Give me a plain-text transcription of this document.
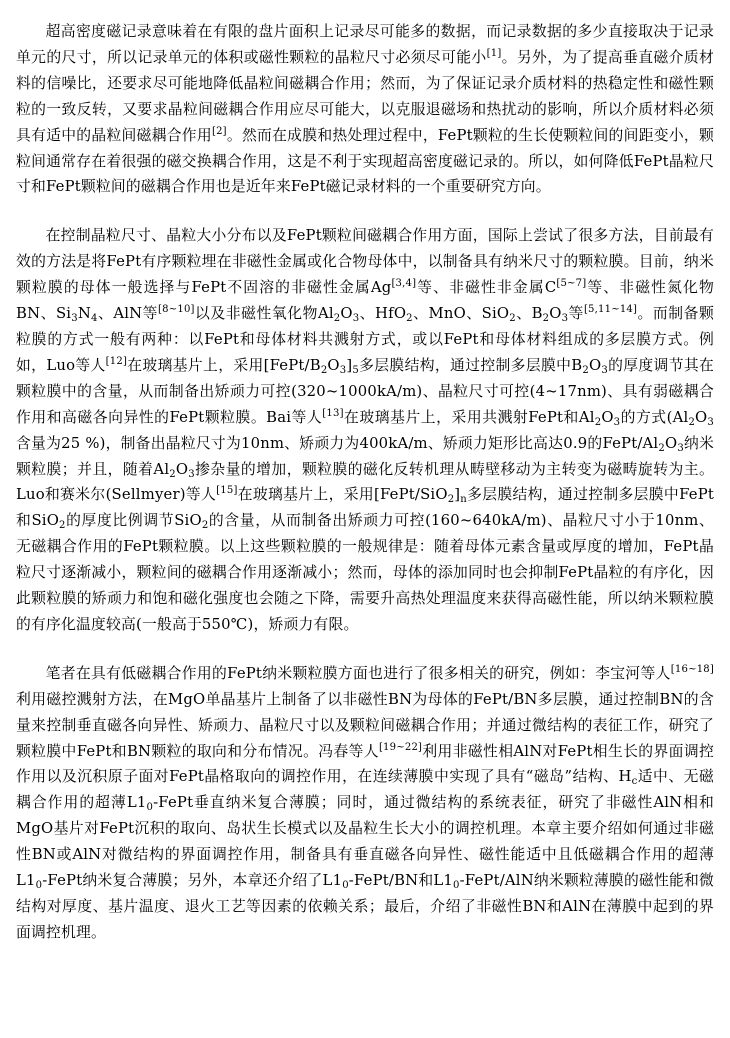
超高密度磁记录意味着在有限的盘片面积上记录尽可能多的数据，而记录数据的多少直接取决于记录单元的尺寸，所以记录单元的体积或磁性颗粒的晶粒尺寸必须尽可能小[1]。另外，为了提高垂直磁介质材料的信噪比，还要求尽可能地降低晶粒间磁耦合作用；然而，为了保证记录介质材料的热稳定性和磁性颗粒的一致反转，又要求晶粒间磁耦合作用应尽可能大，以克服退磁场和热扰动的影响，所以介质材料必须具有适中的晶粒间磁耦合作用[2]。然而在成膜和热处理过程中，FePt颗粒的生长使颗粒间的间距变小，颗粒间通常存在着很强的磁交换耦合作用，这是不利于实现超高密度磁记录的。所以，如何降低FePt晶粒尺寸和FePt颗粒间的磁耦合作用也是近年来FePt磁记录材料的一个重要研究方向。

在控制晶粒尺寸、晶粒大小分布以及FePt颗粒间磁耦合作用方面，国际上尝试了很多方法，目前最有效的方法是将FePt有序颗粒埋在非磁性金属或化合物母体中，以制备具有纳米尺寸的颗粒膜。目前，纳米颗粒膜的母体一般选择与FePt不固溶的非磁性金属Ag[3,4]等、非磁性非金属C[5~7]等、非磁性氮化物BN、$Si_3N_4$、AlN等[8~10]以及非磁性氧化物$Al_2O_3$、HfO$_2$、MnO、SiO$_2$、$B_2O_3$等[5,11~14]。而制备颗粒膜的方式一般有两种：以FePt和母体材料共溅射方式，或以FePt和母体材料组成的多层膜方式。例如，Luo等人[12]在玻璃基片上，采用$[FePt/B_2O_3]_5$多层膜结构，通过控制多层膜中$B_2O_3$的厚度调节其在颗粒膜中的含量，从而制备出矫顽力可控(320~1000kA/m)、晶粒尺寸可控(4~17nm)、具有弱磁耦合作用和高磁各向异性的FePt颗粒膜。Bai等人[13]在玻璃基片上，采用共溅射FePt和$Al_2O_3$的方式($Al_2O_3$含量为25 %)，制备出晶粒尺寸为10nm、矫顽力为400kA/m、矫顽力矩形比高达0.9的FePt/$Al_2O_3$纳米颗粒膜；并且，随着$Al_2O_3$掺杂量的增加，颗粒膜的磁化反转机理从畴壁移动为主转变为磁畴旋转为主。Luo和赛米尔(Sellmyer)等人[15]在玻璃基片上，采用$[FePt/SiO_2]_n$多层膜结构，通过控制多层膜中FePt和SiO$_2$的厚度比例调节SiO$_2$的含量，从而制备出矫顽力可控(160~640kA/m)、晶粒尺寸小于10nm、无磁耦合作用的FePt颗粒膜。以上这些颗粒膜的一般规律是：随着母体元素含量或厚度的增加，FePt晶粒尺寸逐渐减小，颗粒间的磁耦合作用逐渐减小；然而，母体的添加同时也会抑制FePt晶粒的有序化，因此颗粒膜的矫顽力和饱和磁化强度也会随之下降，需要升高热处理温度来获得高磁性能，所以纳米颗粒膜的有序化温度较高(一般高于550℃)，矫顽力有限。

笔者在具有低磁耦合作用的FePt纳米颗粒膜方面也进行了很多相关的研究，例如：李宝河等人[16~18]利用磁控溅射方法，在MgO单晶基片上制备了以非磁性BN为母体的FePt/BN多层膜，通过控制BN的含量来控制垂直磁各向异性、矫顽力、晶粒尺寸以及颗粒间磁耦合作用；并通过微结构的表征工作，研究了颗粒膜中FePt和BN颗粒的取向和分布情况。冯春等人[19~22]利用非磁性相AlN对FePt相生长的界面调控作用以及沉积原子面对FePt晶格取向的调控作用，在连续薄膜中实现了具有“磁岛”结构、$H_c$适中、无磁耦合作用的超薄$L1_0$-FePt垂直纳米复合薄膜；同时，通过微结构的系统表征，研究了非磁性AlN相和MgO基片对FePt沉积的取向、岛状生长模式以及晶粒生长大小的调控机理。本章主要介绍如何通过非磁性BN或AlN对微结构的界面调控作用，制备具有垂直磁各向异性、磁性能适中且低磁耦合作用的超薄$L1_0$-FePt纳米复合薄膜；另外，本章还介绍了$L1_0-FePt/BN$和$L1_0-FePt$/AlN纳米颗粒薄膜的磁性能和微结构对厚度、基片温度、退火工艺等因素的依赖关系；最后，介绍了非磁性BN和AlN在薄膜中起到的界面调控机理。
